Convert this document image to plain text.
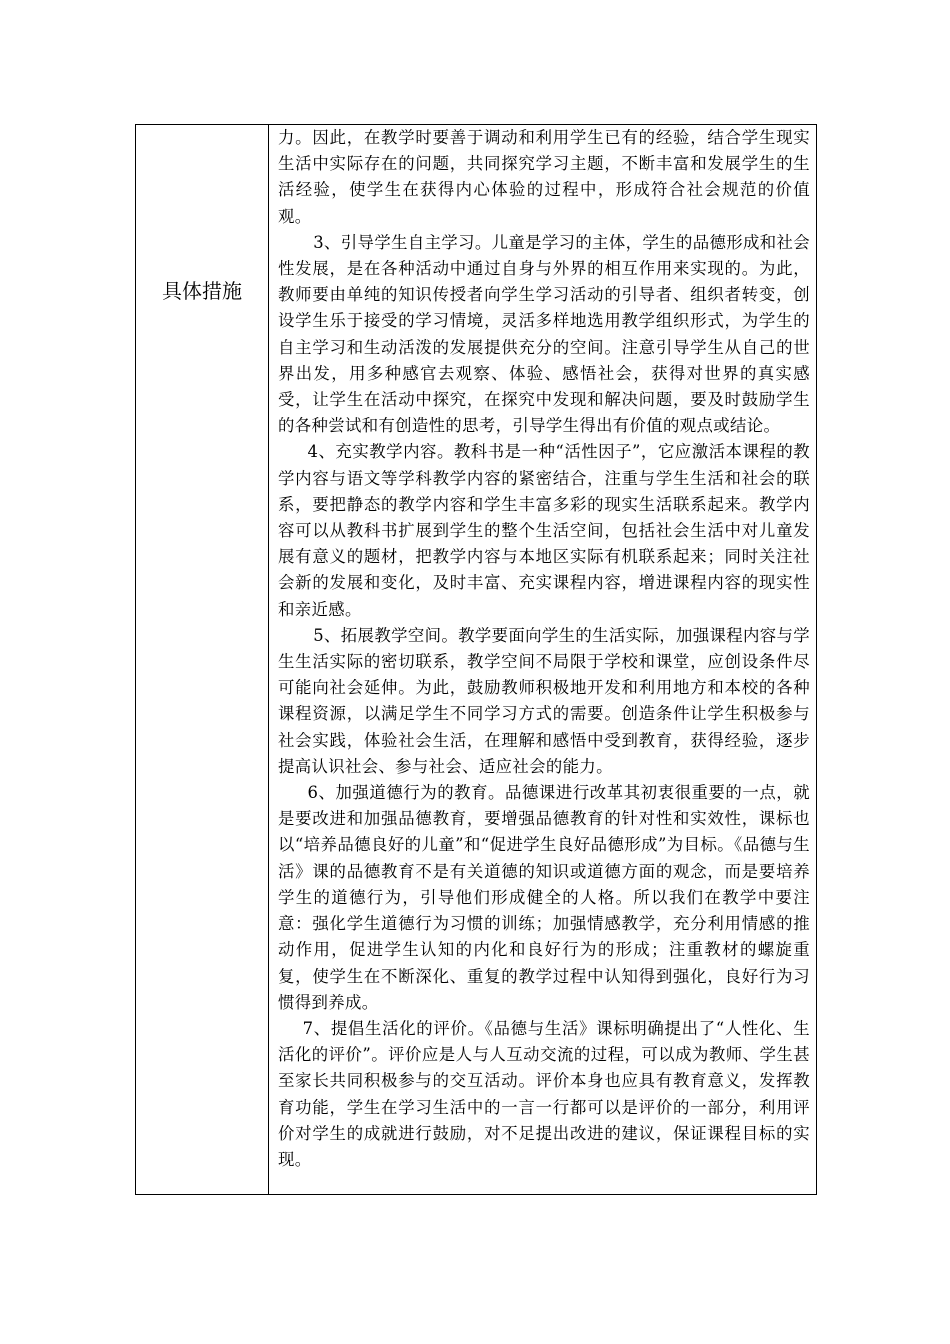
具体措施

力。因此，在教学时要善于调动和利用学生已有的经验，结合学生现实生活中实际存在的问题，共同探究学习主题，不断丰富和发展学生的生活经验，使学生在获得内心体验的过程中，形成符合社会规范的价值观。

3、引导学生自主学习。儿童是学习的主体，学生的品德形成和社会性发展，是在各种活动中通过自身与外界的相互作用来实现的。为此，教师要由单纯的知识传授者向学生学习活动的引导者、组织者转变，创设学生乐于接受的学习情境，灵活多样地选用教学组织形式，为学生的自主学习和生动活泼的发展提供充分的空间。注意引导学生从自己的世界出发，用多种感官去观察、体验、感悟社会，获得对世界的真实感受，让学生在活动中探究，在探究中发现和解决问题，要及时鼓励学生的各种尝试和有创造性的思考，引导学生得出有价值的观点或结论。

4、充实教学内容。教科书是一种“活性因子”，它应激活本课程的教学内容与语文等学科教学内容的紧密结合，注重与学生生活和社会的联系，要把静态的教学内容和学生丰富多彩的现实生活联系起来。教学内容可以从教科书扩展到学生的整个生活空间，包括社会生活中对儿童发展有意义的题材，把教学内容与本地区实际有机联系起来；同时关注社会新的发展和变化，及时丰富、充实课程内容，增进课程内容的现实性和亲近感。

5、拓展教学空间。教学要面向学生的生活实际，加强课程内容与学生生活实际的密切联系，教学空间不局限于学校和课堂，应创设条件尽可能向社会延伸。为此，鼓励教师积极地开发和利用地方和本校的各种课程资源，以满足学生不同学习方式的需要。创造条件让学生积极参与社会实践，体验社会生活，在理解和感悟中受到教育，获得经验，逐步提高认识社会、参与社会、适应社会的能力。

6、加强道德行为的教育。品德课进行改革其初衷很重要的一点，就是要改进和加强品德教育，要增强品德教育的针对性和实效性，课标也以“培养品德良好的儿童”和“促进学生良好品德形成”为目标。《品德与生活》课的品德教育不是有关道德的知识或道德方面的观念，而是要培养学生的道德行为，引导他们形成健全的人格。所以我们在教学中要注意：强化学生道德行为习惯的训练；加强情感教学，充分利用情感的推动作用，促进学生认知的内化和良好行为的形成；注重教材的螺旋重复，使学生在不断深化、重复的教学过程中认知得到强化，良好行为习惯得到养成。

7、提倡生活化的评价。《品德与生活》课标明确提出了“人性化、生活化的评价”。评价应是人与人互动交流的过程，可以成为教师、学生甚至家长共同积极参与的交互活动。评价本身也应具有教育意义，发挥教育功能，学生在学习生活中的一言一行都可以是评价的一部分，利用评价对学生的成就进行鼓励，对不足提出改进的建议，保证课程目标的实现。
